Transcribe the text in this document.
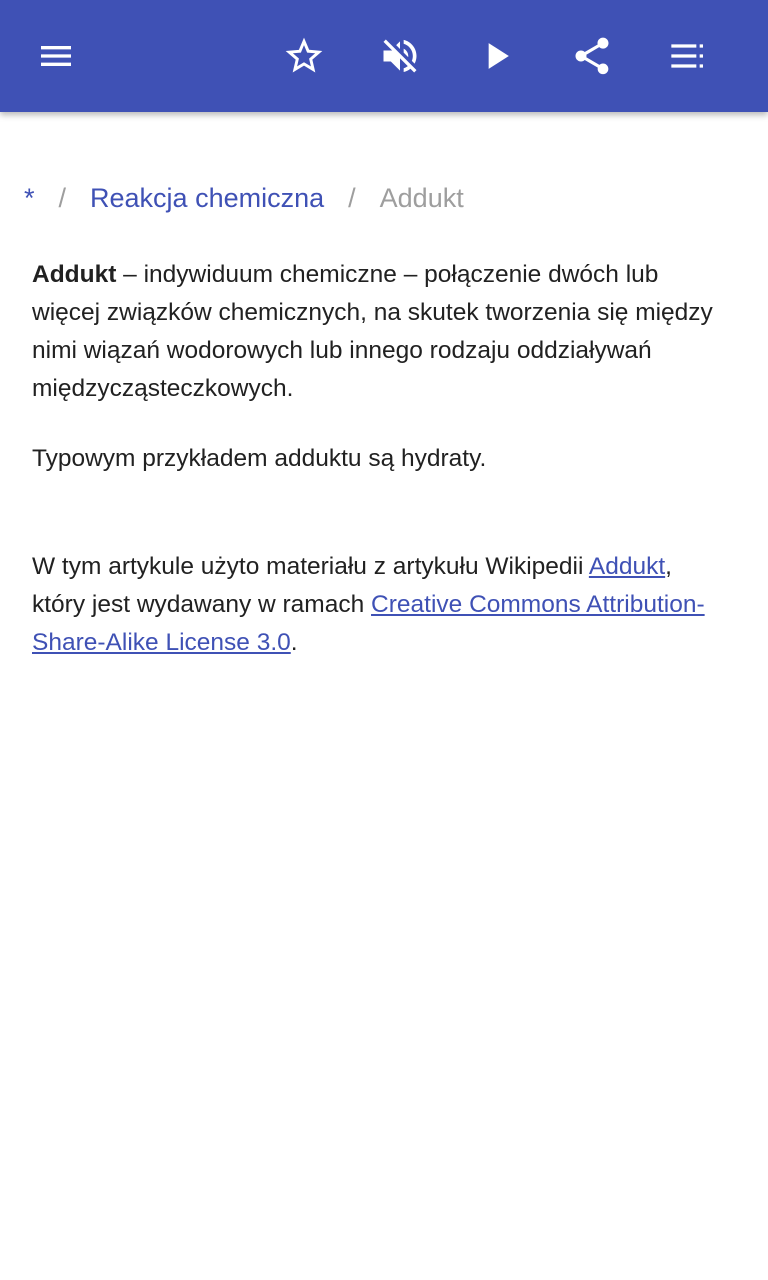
* / Reakcja chemiczna / Addukt

Addukt – indywiduum chemiczne – połączenie dwóch lub więcej związków chemicznych, na skutek tworzenia się między nimi wiązań wodorowych lub innego rodzaju oddziaływań międzycząsteczkowych.

Typowym przykładem adduktu są hydraty.

W tym artykule użyto materiału z artykułu Wikipedii Addukt, który jest wydawany w ramach Creative Commons Attribution-Share-Alike License 3.0.
